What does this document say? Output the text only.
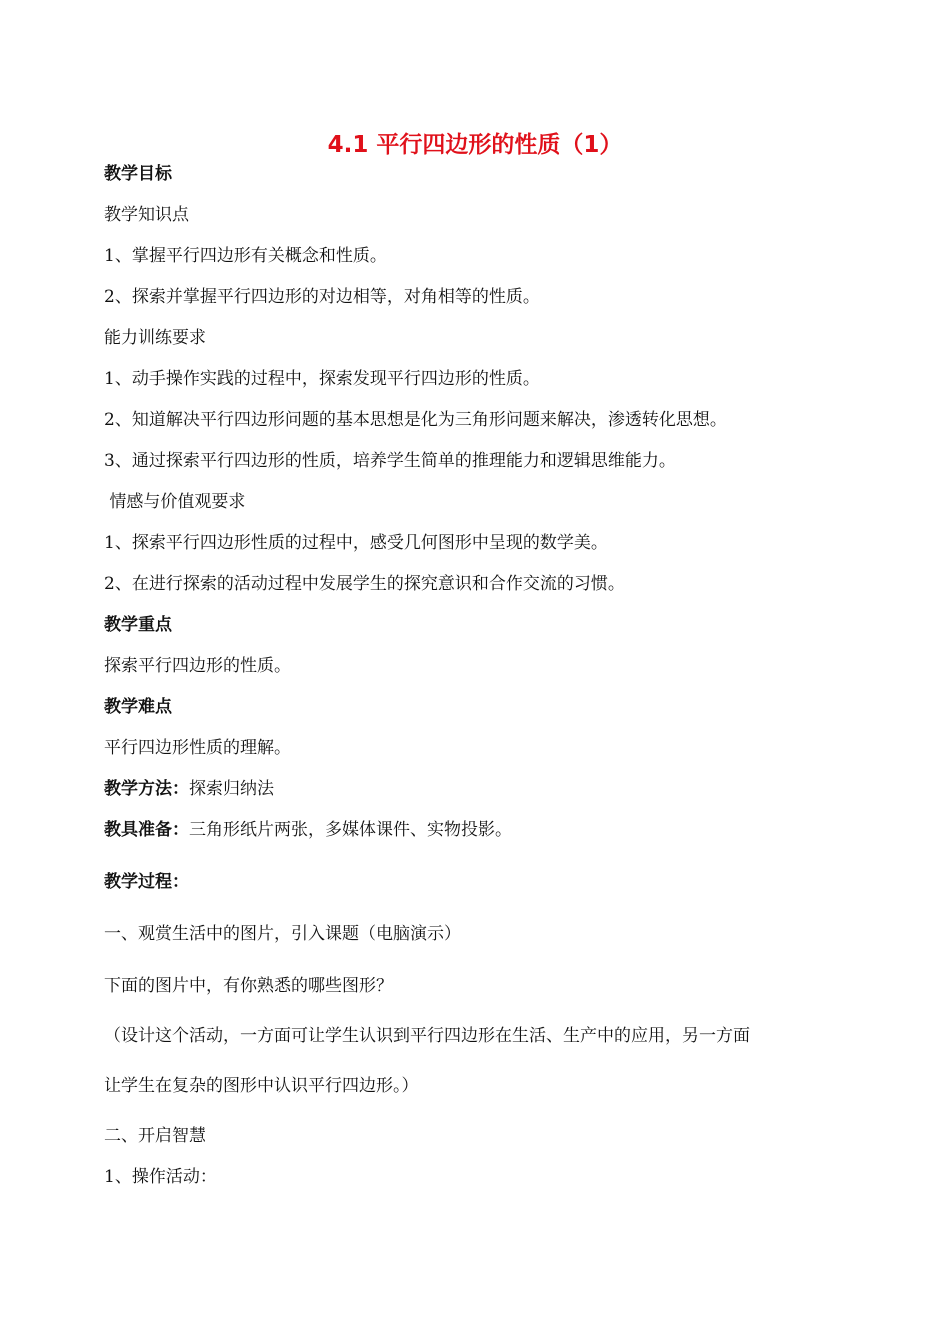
4.1 平行四边形的性质（1）

教学目标

教学知识点

1、掌握平行四边形有关概念和性质。

2、探索并掌握平行四边形的对边相等，对角相等的性质。

能力训练要求

1、动手操作实践的过程中，探索发现平行四边形的性质。

2、知道解决平行四边形问题的基本思想是化为三角形问题来解决，渗透转化思想。

3、通过探索平行四边形的性质，培养学生简单的推理能力和逻辑思维能力。

情感与价值观要求

1、探索平行四边形性质的过程中，感受几何图形中呈现的数学美。

2、在进行探索的活动过程中发展学生的探究意识和合作交流的习惯。

教学重点

探索平行四边形的性质。

教学难点

平行四边形性质的理解。

教学方法：探索归纳法

教具准备：三角形纸片两张，多媒体课件、实物投影。

教学过程：

一、观赏生活中的图片，引入课题（电脑演示）

下面的图片中，有你熟悉的哪些图形？

（设计这个活动，一方面可让学生认识到平行四边形在生活、生产中的应用，另一方面

让学生在复杂的图形中认识平行四边形。）

二、开启智慧

1、操作活动：
